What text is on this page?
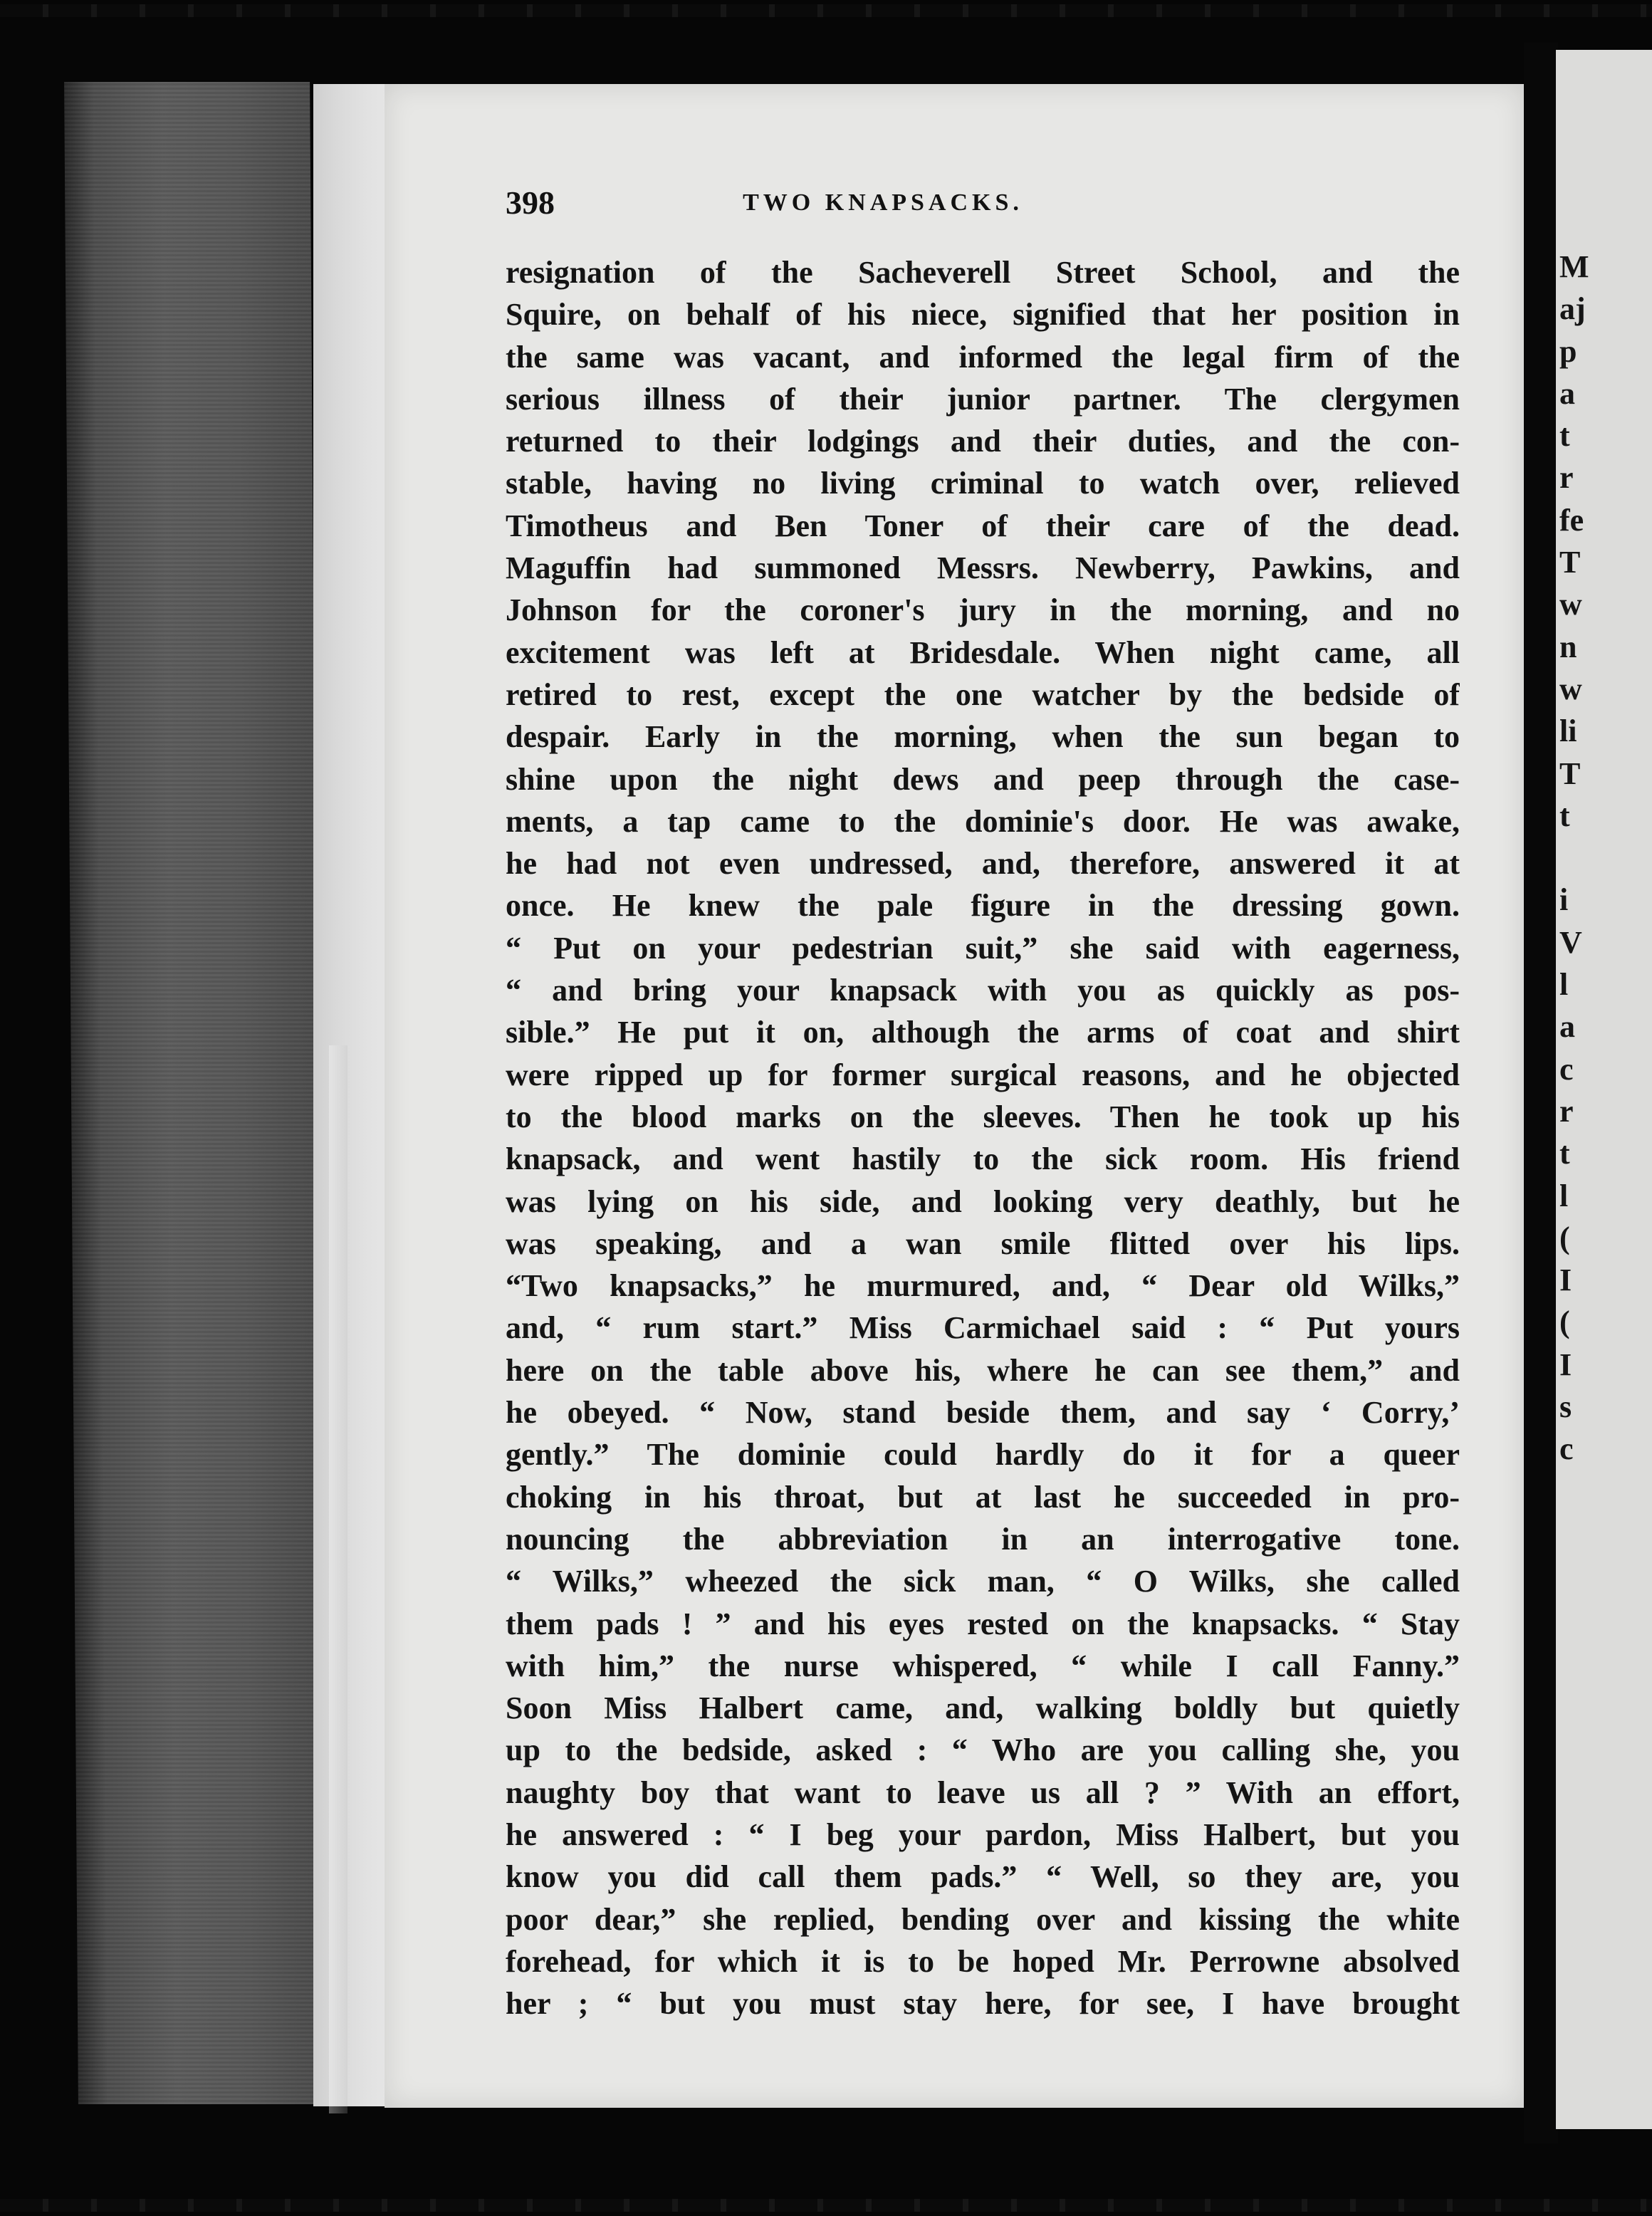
398	TWO KNAPSACKS.
resignation of the Sacheverell Street School, and the
Squire, on behalf of his niece, signified that her position in
the same was vacant, and informed the legal firm of the
serious illness of their junior partner. The clergymen
returned to their lodgings and their duties, and the con-
stable, having no living criminal to watch over, relieved
Timotheus and Ben Toner of their care of the dead.
Maguffin had summoned Messrs. Newberry, Pawkins, and
Johnson for the coroner's jury in the morning, and no
excitement was left at Bridesdale. When night came, all
retired to rest, except the one watcher by the bedside of
despair. Early in the morning, when the sun began to
shine upon the night dews and peep through the case-
ments, a tap came to the dominie's door. He was awake,
he had not even undressed, and, therefore, answered it at
once. He knew the pale figure in the dressing gown.
“ Put on your pedestrian suit,” she said with eagerness,
“ and bring your knapsack with you as quickly as pos-
sible.” He put it on, although the arms of coat and shirt
were ripped up for former surgical reasons, and he objected
to the blood marks on the sleeves. Then he took up his
knapsack, and went hastily to the sick room. His friend
was lying on his side, and looking very deathly, but he
was speaking, and a wan smile flitted over his lips.
“Two knapsacks,” he murmured, and, “ Dear old Wilks,”
and, “ rum start.” Miss Carmichael said : “ Put yours
here on the table above his, where he can see them,” and
he obeyed. “ Now, stand beside them, and say ‘ Corry,’
gently.” The dominie could hardly do it for a queer
choking in his throat, but at last he succeeded in pro-
nouncing the abbreviation in an interrogative tone.
“ Wilks,” wheezed the sick man, “ O Wilks, she called
them pads ! ” and his eyes rested on the knapsacks. “ Stay
with him,” the nurse whispered, “ while I call Fanny.”
Soon Miss Halbert came, and, walking boldly but quietly
up to the bedside, asked : “ Who are you calling she, you
naughty boy that want to leave us all ? ” With an effort,
he answered : “ I beg your pardon, Miss Halbert, but you
know you did call them pads.” “ Well, so they are, you
poor dear,” she replied, bending over and kissing the white
forehead, for which it is to be hoped Mr. Perrowne absolved
her ; “ but you must stay here, for see, I have brought
M
aj
p
a
t
r
fe
T
w
n
w
li
T
t
i
V
l
a
c
r
t
l
(
I
(
I
s
c
